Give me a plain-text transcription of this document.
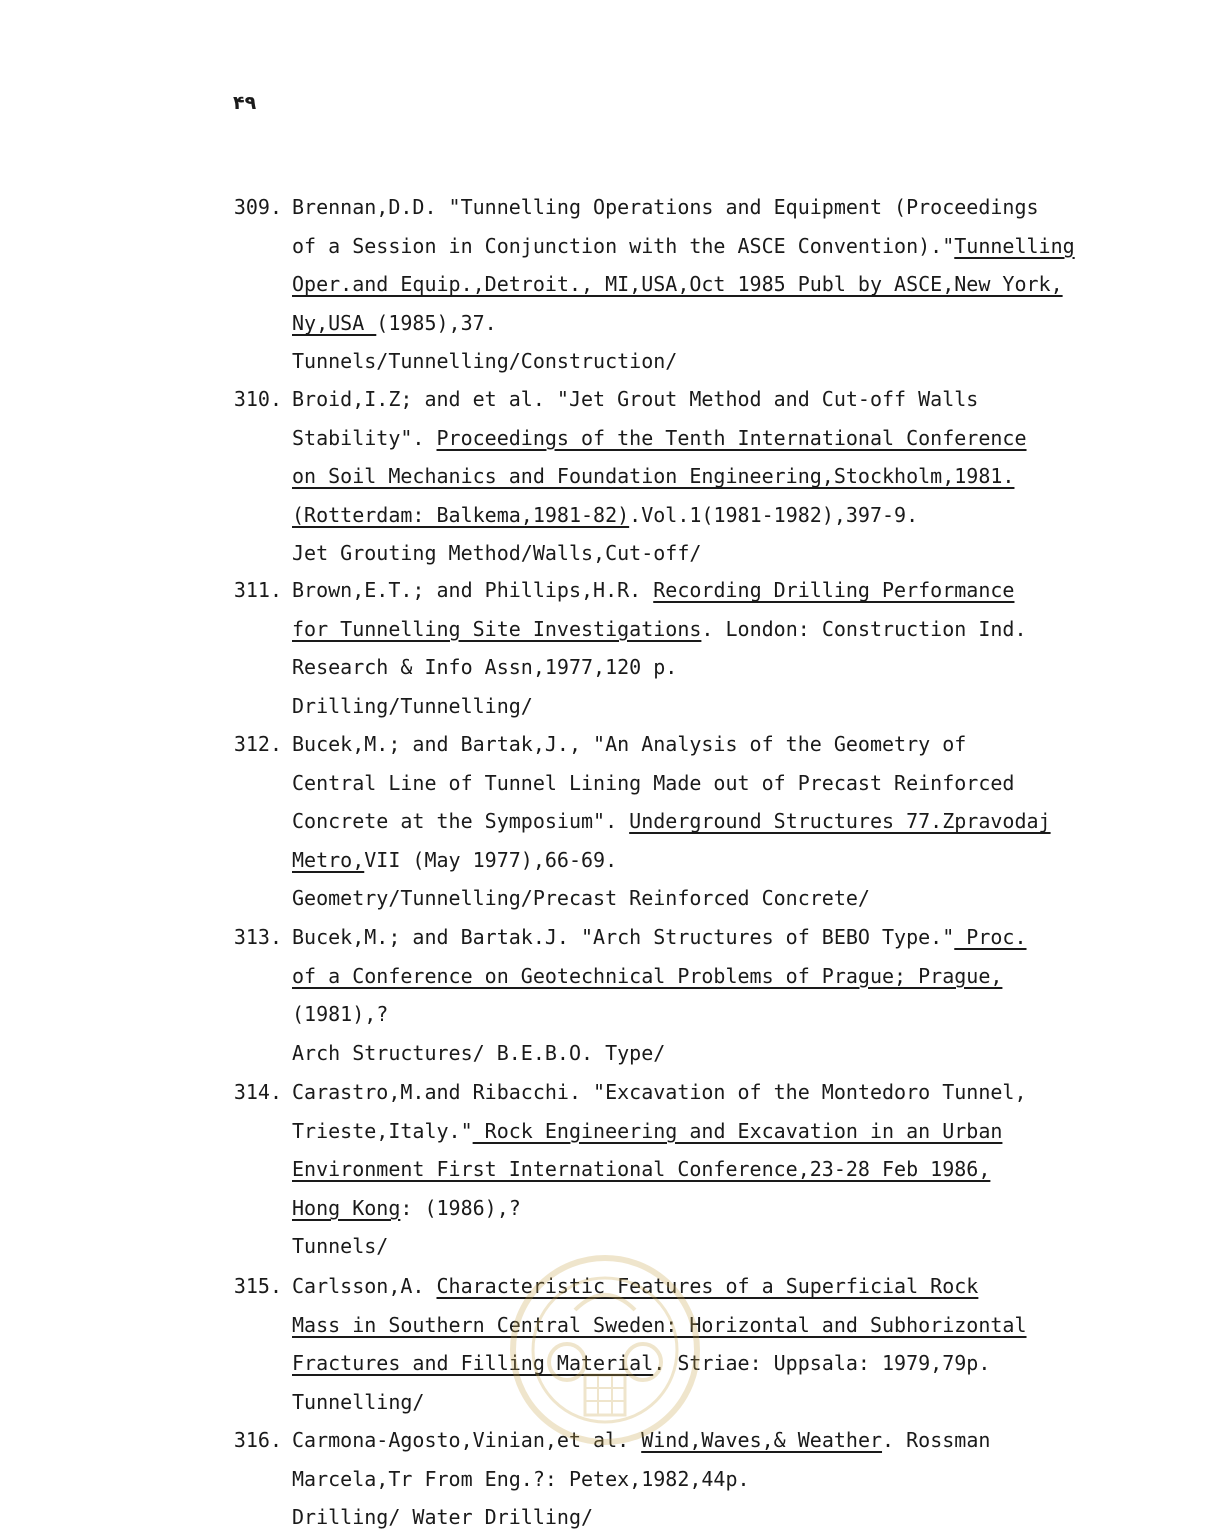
۴۹
309. Brennan,D.D. "Tunnelling Operations and Equipment (Proceedings
of a Session in Conjunction with the ASCE Convention)."Tunnelling
Oper.and Equip.,Detroit., MI,USA,Oct 1985 Publ by ASCE,New York,
Ny,USA (1985),37.
Tunnels/Tunnelling/Construction/
310. Broid,I.Z; and et al. "Jet Grout Method and Cut-off Walls
Stability". Proceedings of the Tenth International Conference
on Soil Mechanics and Foundation Engineering,Stockholm,1981.
(Rotterdam: Balkema,1981-82).Vol.1(1981-1982),397-9.
Jet Grouting Method/Walls,Cut-off/
311. Brown,E.T.; and Phillips,H.R. Recording Drilling Performance
for Tunnelling Site Investigations. London: Construction Ind.
Research & Info Assn,1977,120 p.
Drilling/Tunnelling/
312. Bucek,M.; and Bartak,J., "An Analysis of the Geometry of
Central Line of Tunnel Lining Made out of Precast Reinforced
Concrete at the Symposium". Underground Structures 77.Zpravodaj
Metro,VII (May 1977),66-69.
Geometry/Tunnelling/Precast Reinforced Concrete/
313. Bucek,M.; and Bartak.J. "Arch Structures of BEBO Type." Proc.
of a Conference on Geotechnical Problems of Prague; Prague,
(1981),?
Arch Structures/ B.E.B.O. Type/
314. Carastro,M.and Ribacchi. "Excavation of the Montedoro Tunnel,
Trieste,Italy." Rock Engineering and Excavation in an Urban
Environment First International Conference,23-28 Feb 1986,
Hong Kong: (1986),?
Tunnels/
315. Carlsson,A. Characteristic Features of a Superficial Rock
Mass in Southern Central Sweden: Horizontal and Subhorizontal
Fractures and Filling Material. Striae: Uppsala: 1979,79p.
Tunnelling/
316. Carmona-Agosto,Vinian,et al. Wind,Waves,& Weather. Rossman
Marcela,Tr From Eng.?: Petex,1982,44p.
Drilling/ Water Drilling/
